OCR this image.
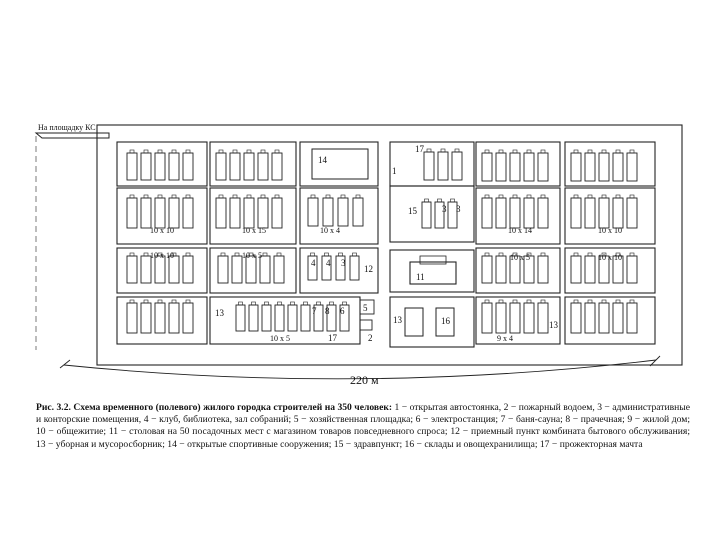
10 x 10	10 x 15	10 x 4	10 x 14	10 x 10
10 x 10	10 x 5	10 x 5	10 x 10
10 x 5	9 x 4
14
1
17
15	3 3
4 4 3
12
11
5
2
13	7 8 6
17
13	16	13
На площадку КС
220 м
Рис. 3.2. Схема временного (полевого) жилого городка строителей на 350 человек: 1 − открытая автостоянка, 2 − пожарный водоем, 3 − административные и конторские помещения, 4 − клуб, библиотека, зал собраний; 5 − хозяйственная площадка; 6 − электростанция; 7 − баня-сауна; 8 − прачечная; 9 − жилой дом; 10 − общежитие; 11 − столовая на 50 посадочных мест с магазином товаров повседневного спроса; 12 − приемный пункт комбината бытового обслуживания; 13 − уборная и мусоросборник; 14 − открытые спортивные сооружения; 15 − здравпункт; 16 − склады и овощехранилища; 17 − прожекторная мачта
